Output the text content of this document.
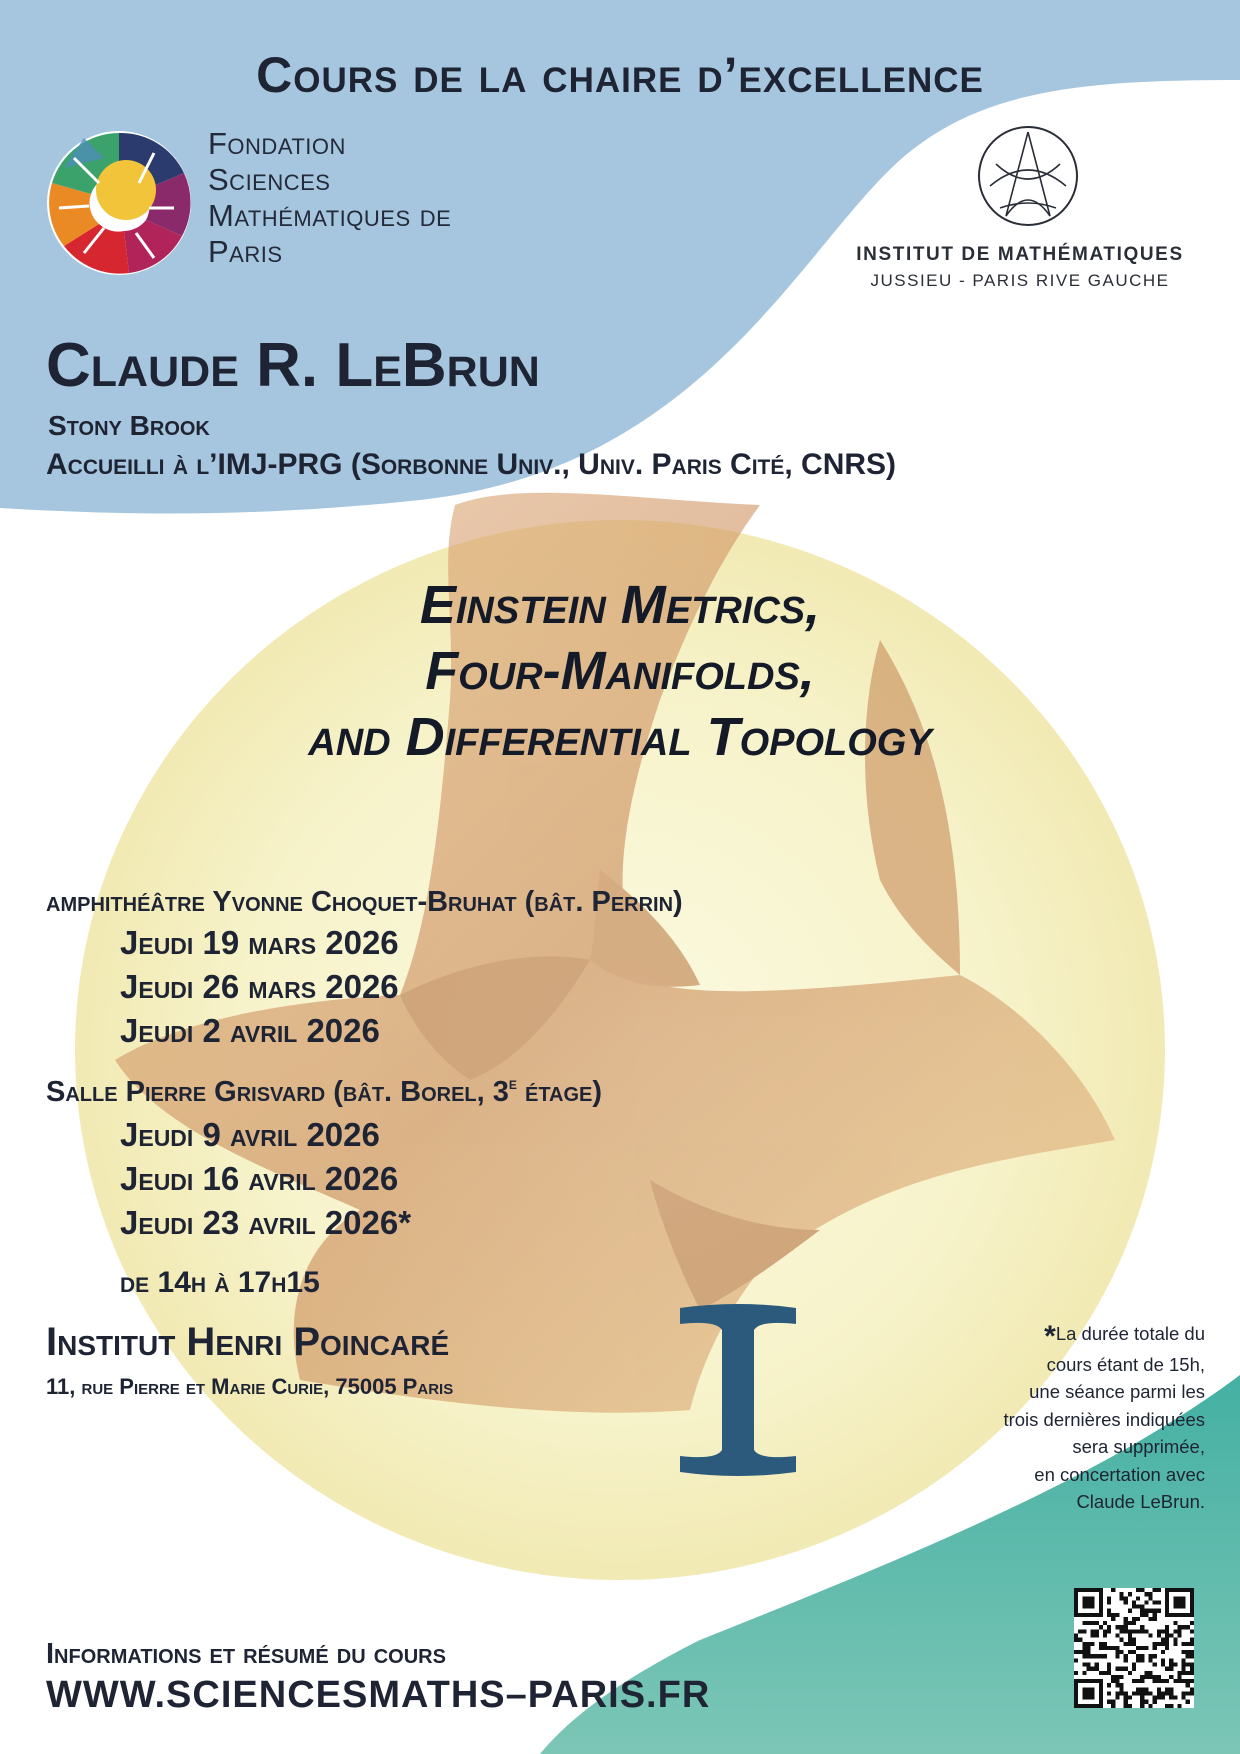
Cours de la chaire d’excellence
Fondation
Sciences
Mathématiques de
Paris	INSTITUT DE MATHÉMATIQUES
JUSSIEU - PARIS RIVE GAUCHE
Claude R. LeBrun
Stony Brook
Accueilli à l’IMJ-PRG (Sorbonne Univ., Univ. Paris Cité, CNRS)
Einstein Metrics,
Four-Manifolds,
and Differential Topology
amphithéâtre Yvonne Choquet-Bruhat (bât. Perrin)
Jeudi 19 mars 2026
Jeudi 26 mars 2026
Jeudi 2 avril 2026
Salle Pierre Grisvard (bât. Borel, 3e étage)
Jeudi 9 avril 2026
Jeudi 16 avril 2026
Jeudi 23 avril 2026*
de 14h à 17h15
Institut Henri Poincaré
11, rue Pierre et Marie Curie, 75005 Paris
*La durée totale du
cours étant de 15h,
une séance parmi les
trois dernières indiquées
sera supprimée,
en concertation avec
Claude LeBrun.
Informations et résumé du cours
WWW.SCIENCESMATHS–PARIS.FR
